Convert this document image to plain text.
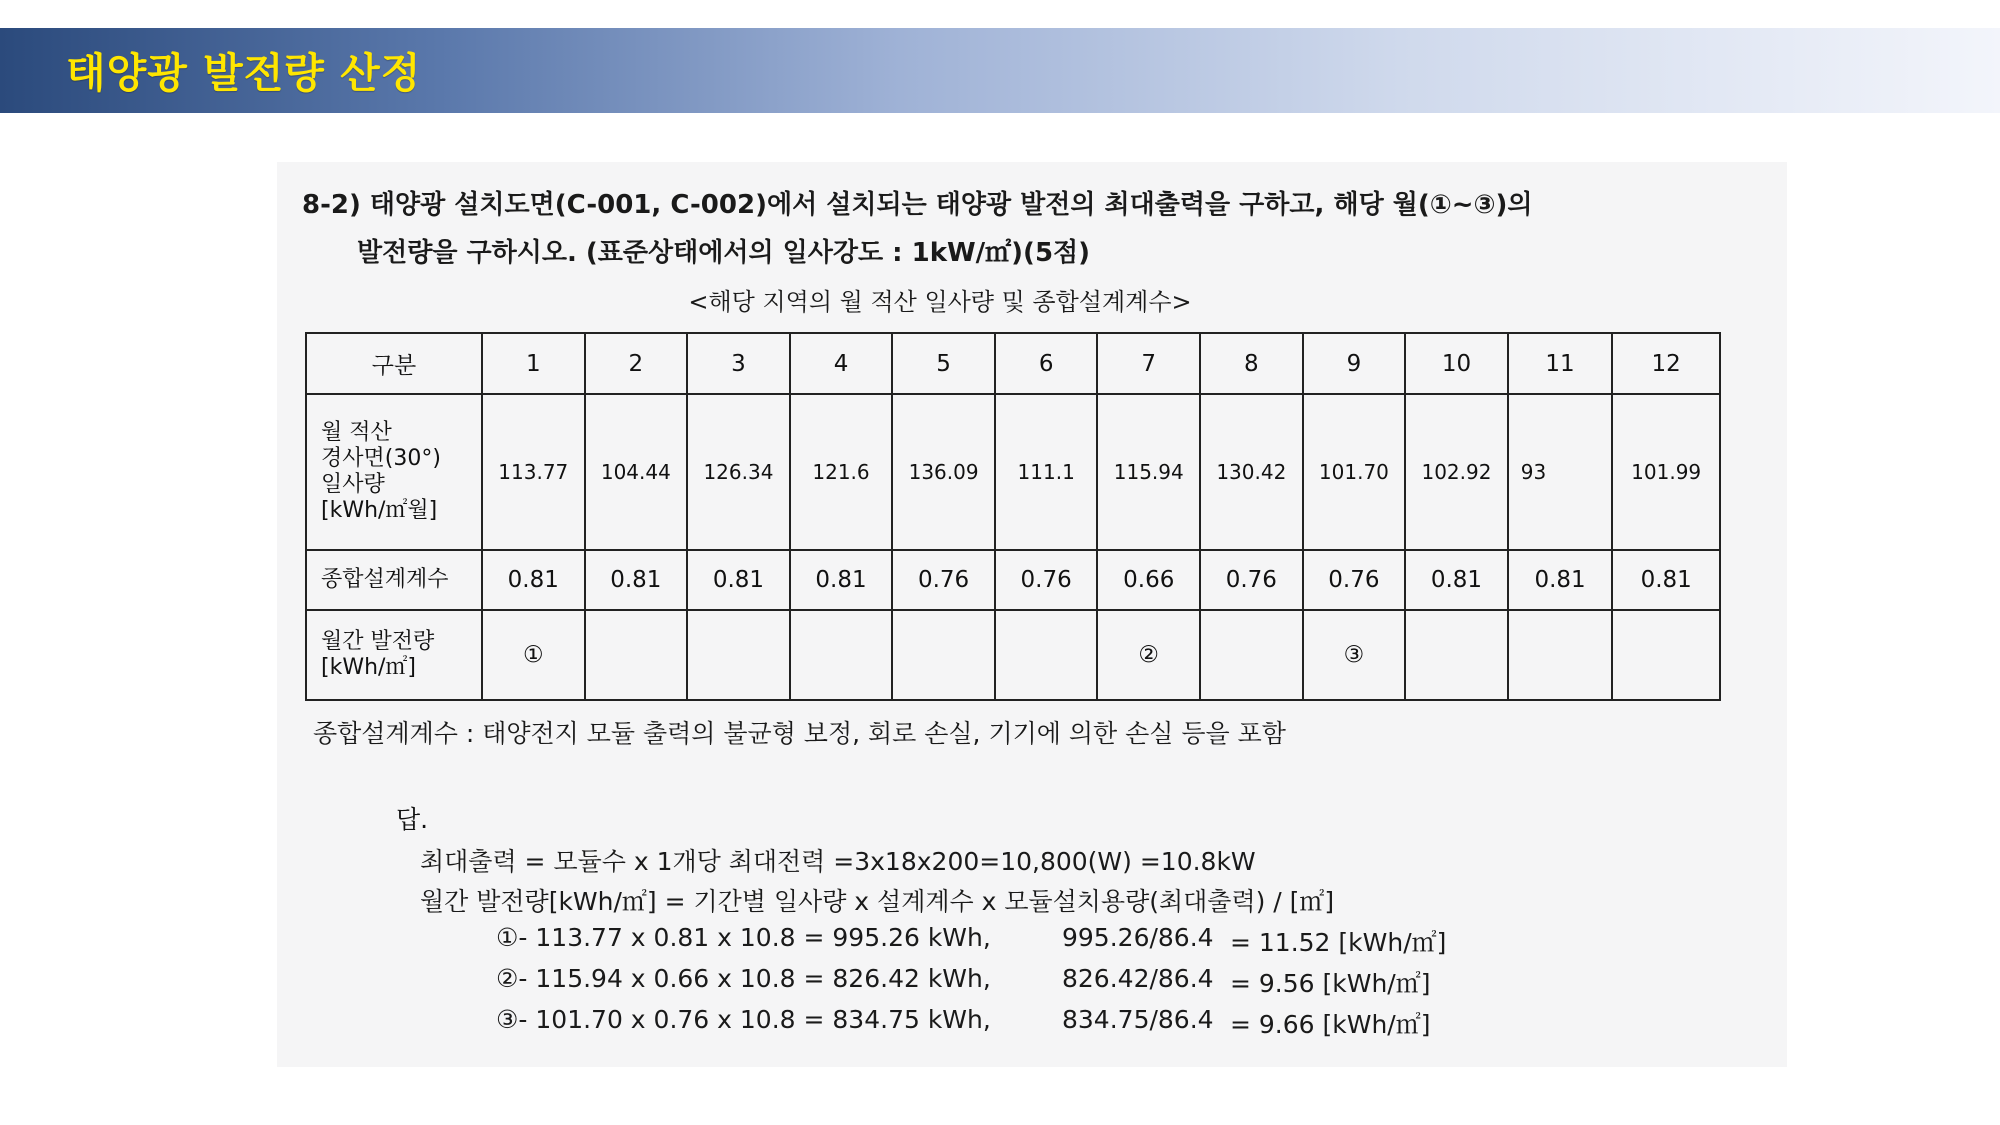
태양광 발전량 산정
8-2) 태양광 설치도면(C-001, C-002)에서 설치되는 태양광 발전의 최대출력을 구하고, 해당 월(①~③)의
발전량을 구하시오. (표준상태에서의 일사강도 : 1kW/㎡)(5점)
<해당 지역의 월 적산 일사량 및 종합설계계수>
구분	1	2	3	4	5	6	7	8	9	10	11	12

월 적산
경사면(30°)
일사량
[kWh/㎡월]	113.77	104.44	126.34	121.6	136.09	111.1	115.94	130.42	101.70	102.92	93	101.99
종합설계계수	0.81	0.81	0.81	0.81	0.76	0.76	0.66	0.76	0.76	0.81	0.81	0.81

월간 발전량
[kWh/㎡]	①						②		③			
종합설계계수 : 태양전지 모듈 출력의 불균형 보정, 회로 손실, 기기에 의한 손실 등을 포함
답.
최대출력 = 모듈수 x 1개당 최대전력 =3x18x200=10,800(W) =10.8kW
월간 발전량[kWh/㎡] = 기간별 일사량 x 설계계수 x 모듈설치용량(최대출력) / [㎡]
①- 113.77 x 0.81 x 10.8 = 995.26 kWh,	995.26/86.4 = 11.52 [kWh/㎡]
②- 115.94 x 0.66 x 10.8 = 826.42 kWh,	826.42/86.4 = 9.56 [kWh/㎡]
③- 101.70 x 0.76 x 10.8 = 834.75 kWh,	834.75/86.4 = 9.66 [kWh/㎡]
